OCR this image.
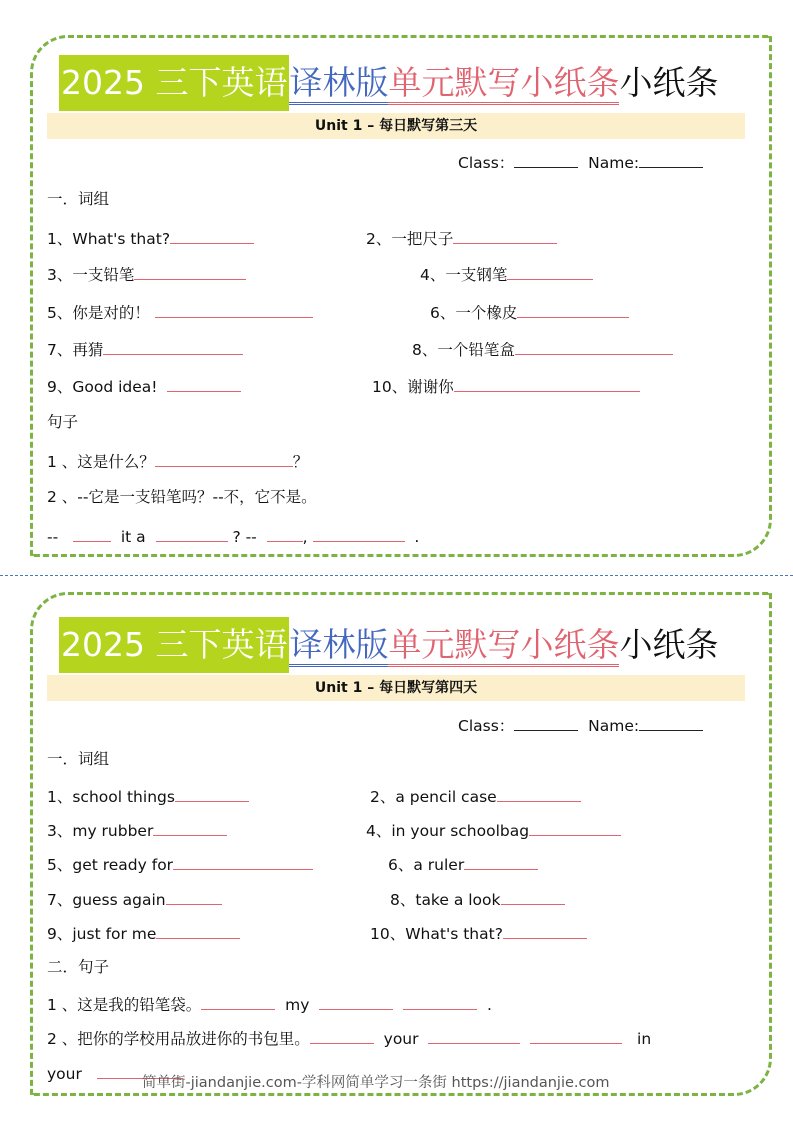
2025 三下英语译林版单元默写小纸条小纸条
Unit 1 – 每日默写第三天
Class：	Name:
一．词组
1、What's that?	2、一把尺子
3、一支铅笔	4、一支钢笔
5、你是对的！	6、一个橡皮
7、再猜	8、一个铅笔盒
9、Good idea!	10、谢谢你
句子
1 、这是什么？	？
2 、--它是一支铅笔吗？--不，它不是。
--	it a	? --	,	.
2025 三下英语译林版单元默写小纸条小纸条
Unit 1 – 每日默写第四天
Class：	Name:
一．词组
1、school things	2、a pencil case
3、my rubber	4、in your schoolbag
5、get ready for	6、a ruler
7、guess again	8、take a look
9、just for me	10、What's that?
二．句子
1 、这是我的铅笔袋。	my	.
2 、把你的学校用品放进你的书包里。	your	in
your	简单街-jiandanjie.com-学科网简单学习一条街 https://jiandanjie.com
